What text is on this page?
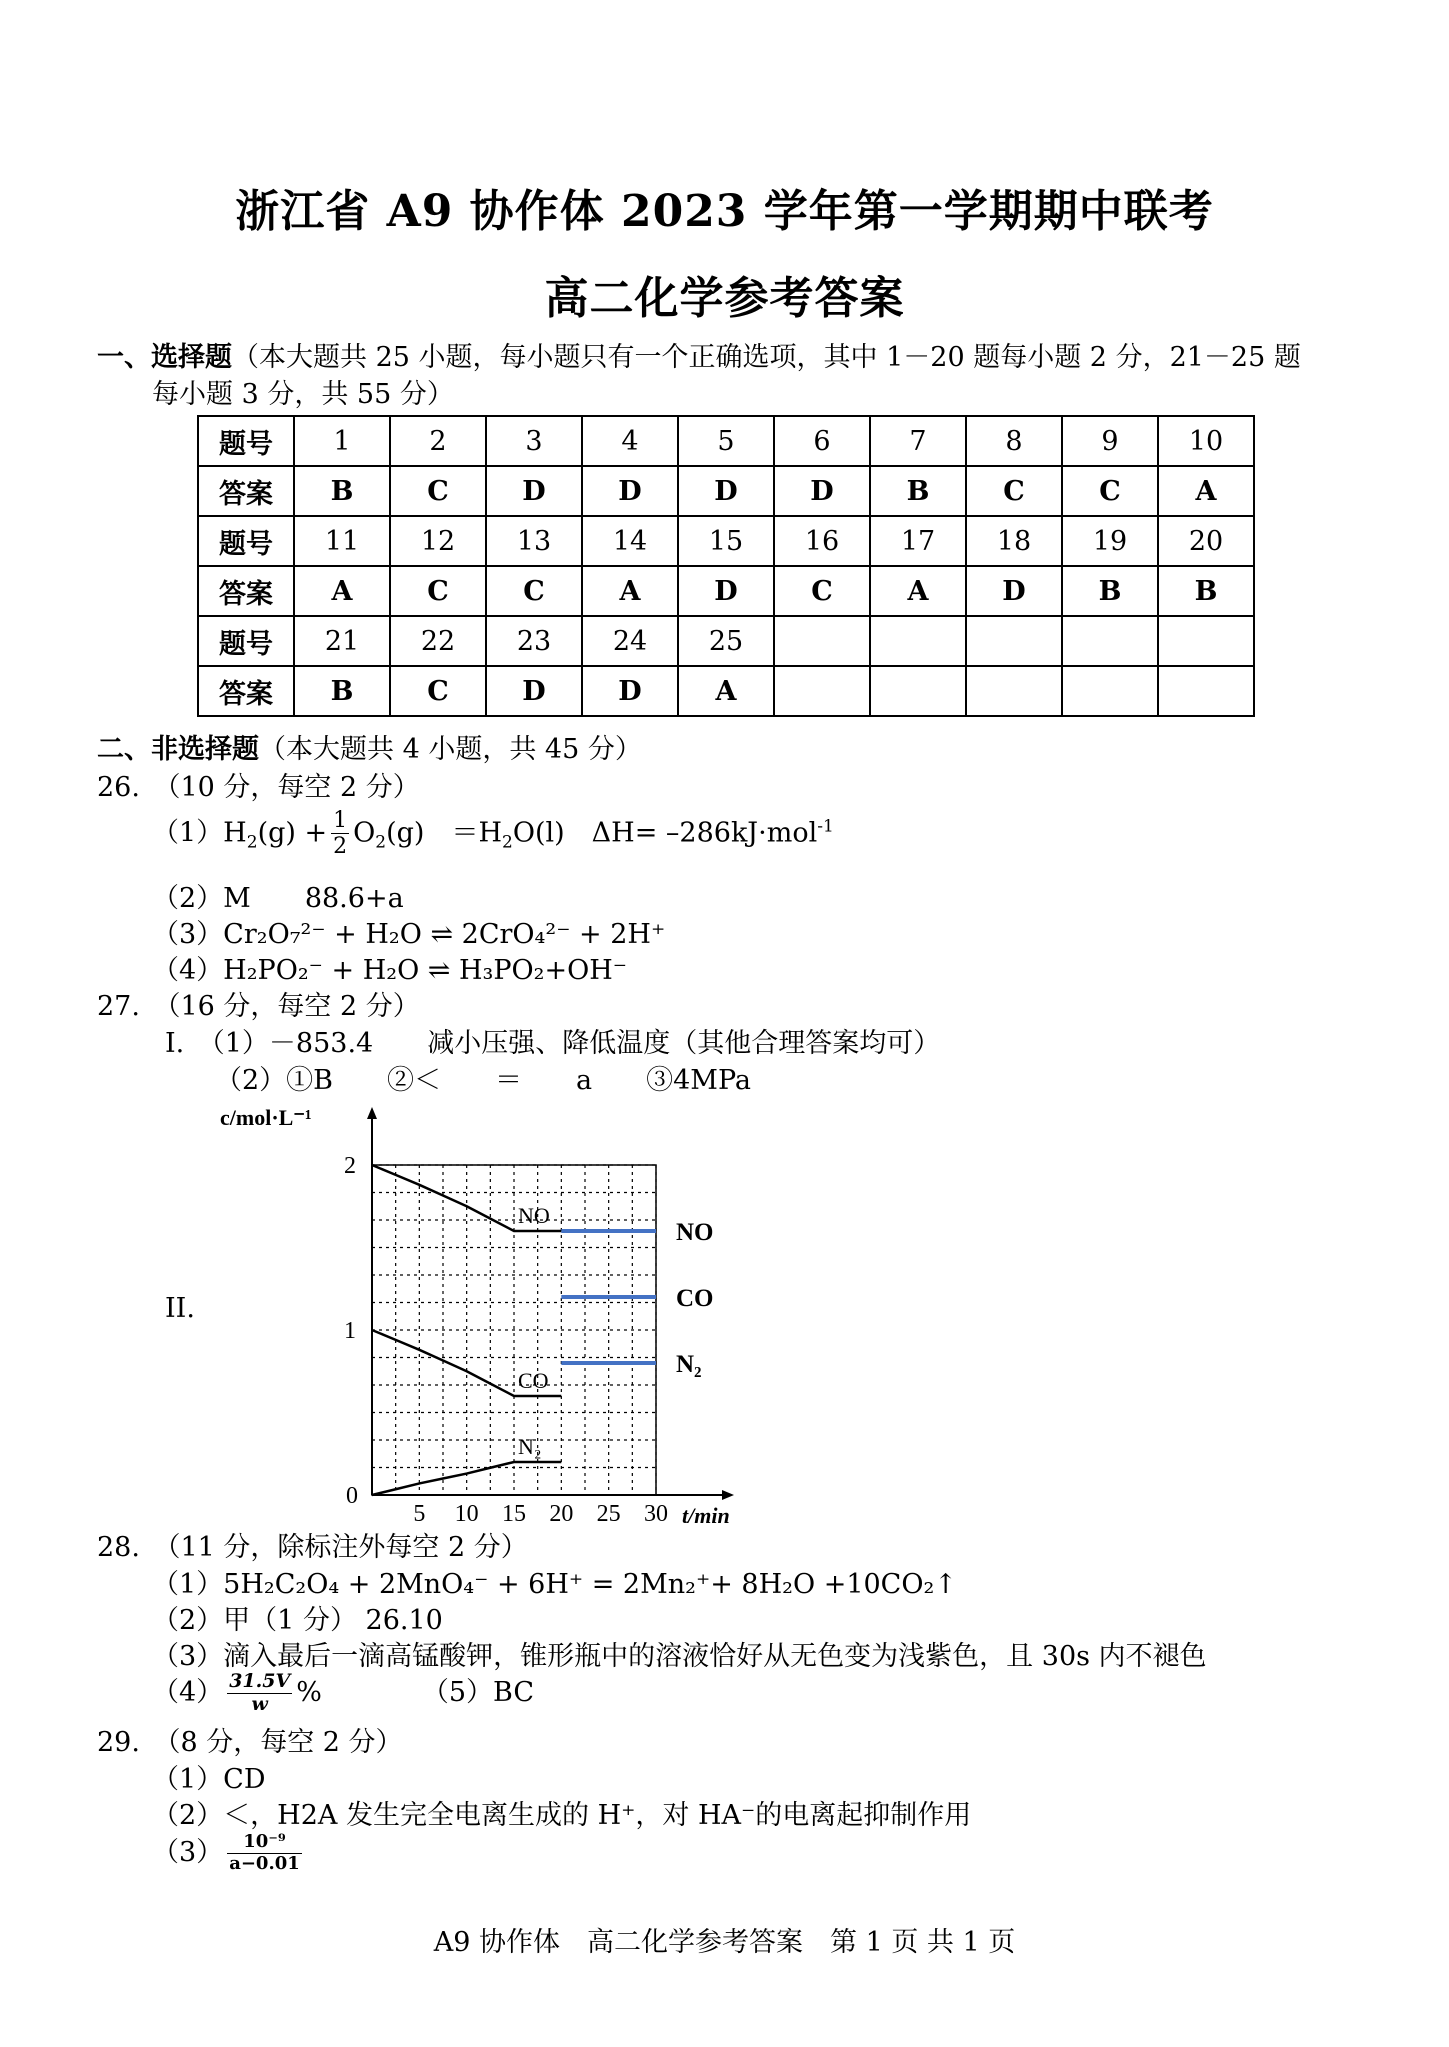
浙江省 A9 协作体 2023 学年第一学期期中联考
高二化学参考答案
一、选择题（本大题共 25 小题，每小题只有一个正确选项，其中 1－20 题每小题 2 分，21－25 题
每小题 3 分，共 55 分）
题号	1	2	3	4	5	6	7	8	9	10
答案	B	C	D	D	D	D	B	C	C	A
题号	11	12	13	14	15	16	17	18	19	20
答案	A	C	C	A	D	C	A	D	B	B
题号	21	22	23	24	25					
答案	B	C	D	D	A					
二、非选择题（本大题共 4 小题，共 45 分）
26.　（10 分，每空 2 分）
$(1)H_2(g) + \frac{1}{2} O_2(g)$　$=H_2O(l)$　ΔH= –286kJ·mol$^{-1}$
（2）M　　88.6+a
（3）Cr₂O₇²⁻ + H₂O ⇌ 2CrO₄²⁻ + 2H⁺
（4）H₂PO₂⁻ + H₂O ⇌ H₃PO₂+OH⁻
27.　（16 分，每空 2 分）
I.　（1）－853.4　　减小压强、降低温度（其他合理答案均可）
（2）①B　　②＜　　＝　　a　　③4MPa
II.
5 10 15 20 25 30
1
2
0
c/mol·L⁻¹
t/min
NO
CO
N₂
NO
CO
N₂
28.　（11 分，除标注外每空 2 分）
（1）5H₂C₂O₄ + 2MnO₄⁻ + 6H⁺ = 2Mn₂⁺+ 8H₂O +10CO₂↑
（2）甲（1 分） 26.10
（3）滴入最后一滴高锰酸钾，锥形瓶中的溶液恰好从无色变为浅紫色，且 30s 内不褪色
$(4) \frac{31.5V}{w}$ %	（5）BC
29.　（8 分，每空 2 分）
（1）CD
（2）＜，H2A 发生完全电离生成的 H⁺，对 HA⁻的电离起抑制作用
$(3) \frac{\text{10⁻⁹}}{a-0.01}$
A9 协作体　高二化学参考答案　第 1 页 共 1 页
